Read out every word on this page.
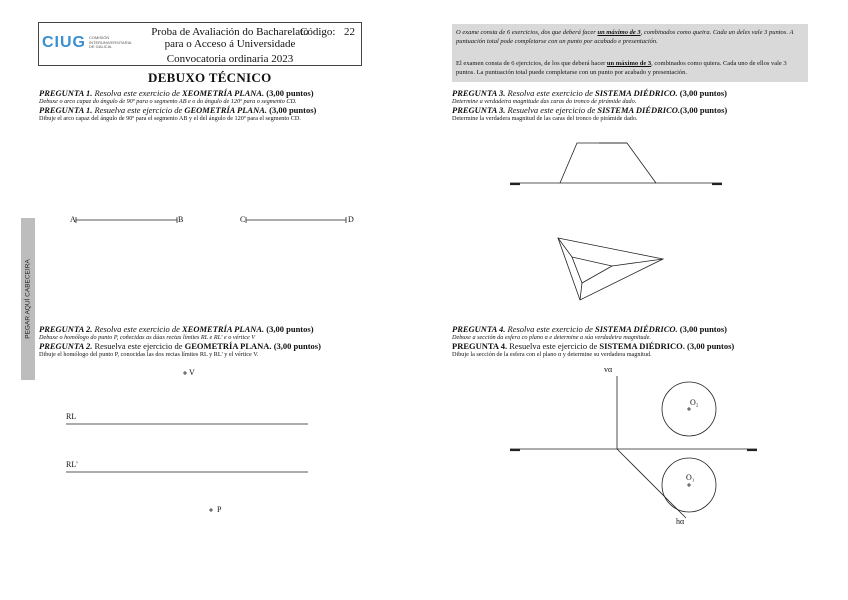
CIUG COMISIÓN INTERUNIVERSITARIA DE GALICIA
Proba de Avaliación do Bacharelato
para o Acceso á Universidade
Código: 22
Convocatoria ordinaria 2023
PEGAR AQUÍ CABECEIRA
DEBUXO TÉCNICO

O exame consta de 6 exercicios, dos que deberá facer un máximo de 3, combinados como queira. Cada un deles vale 3 puntos. A puntuación total pode completarse con un punto por acabado e presentación.

El examen consta de 6 ejercicios, de los que deberá hacer un máximo de 3, combinados como quiera. Cada uno de ellos vale 3 puntos. La puntuación total puede completarse con un punto por acabado y presentación.

PREGUNTA 1. Resolva este exercicio de XEOMETRÍA PLANA. (3,00 puntos)
Debuxe o arco capaz do ángulo de 90º para o segmento AB e o do ángulo de 120º para o segmento CD.
PREGUNTA 1. Resuelva este ejercicio de GEOMETRÍA PLANA. (3,00 puntos)
Dibuje el arco capaz del ángulo de 90º para el segmento AB y el del ángulo de 120º para el segmento CD.
PREGUNTA 2. Resolva este exercicio de XEOMETRÍA PLANA. (3,00 puntos)
Debuxe o homólogo do punto P, coñecidas as dúas rectas límites RL e RL' e o vértice V
PREGUNTA 2. Resuelva este ejercicio de GEOMETRÍA PLANA. (3,00 puntos)
Dibuje el homólogo del punto P, conocidas las dos rectas límites RL y RL' y el vértice V.
PREGUNTA 3. Resolva este exercicio de SISTEMA DIÉDRICO. (3,00 puntos)
Determine a verdadeira magnitude das caras do tronco de pirámide dado.
PREGUNTA 3. Resuelva este ejercicio de SISTEMA DIÉDRICO.(3,00 puntos)
Determine la verdadera magnitud de las caras del tronco de pirámide dado.
PREGUNTA 4. Resolva este exercicio de SISTEMA DIÉDRICO. (3,00 puntos)
Debuxe a sección da esfera co plano α e determine a súa verdadeira magnitude.
PREGUNTA 4. Resuelva este ejercicio de SISTEMA DIÉDRICO. (3,00 puntos)
Dibuje la sección de la esfera con el plano α y determine su verdadera magnitud.
A	B	C	D
V
RL
RL'
P
vα
hα
O₂
O₁
